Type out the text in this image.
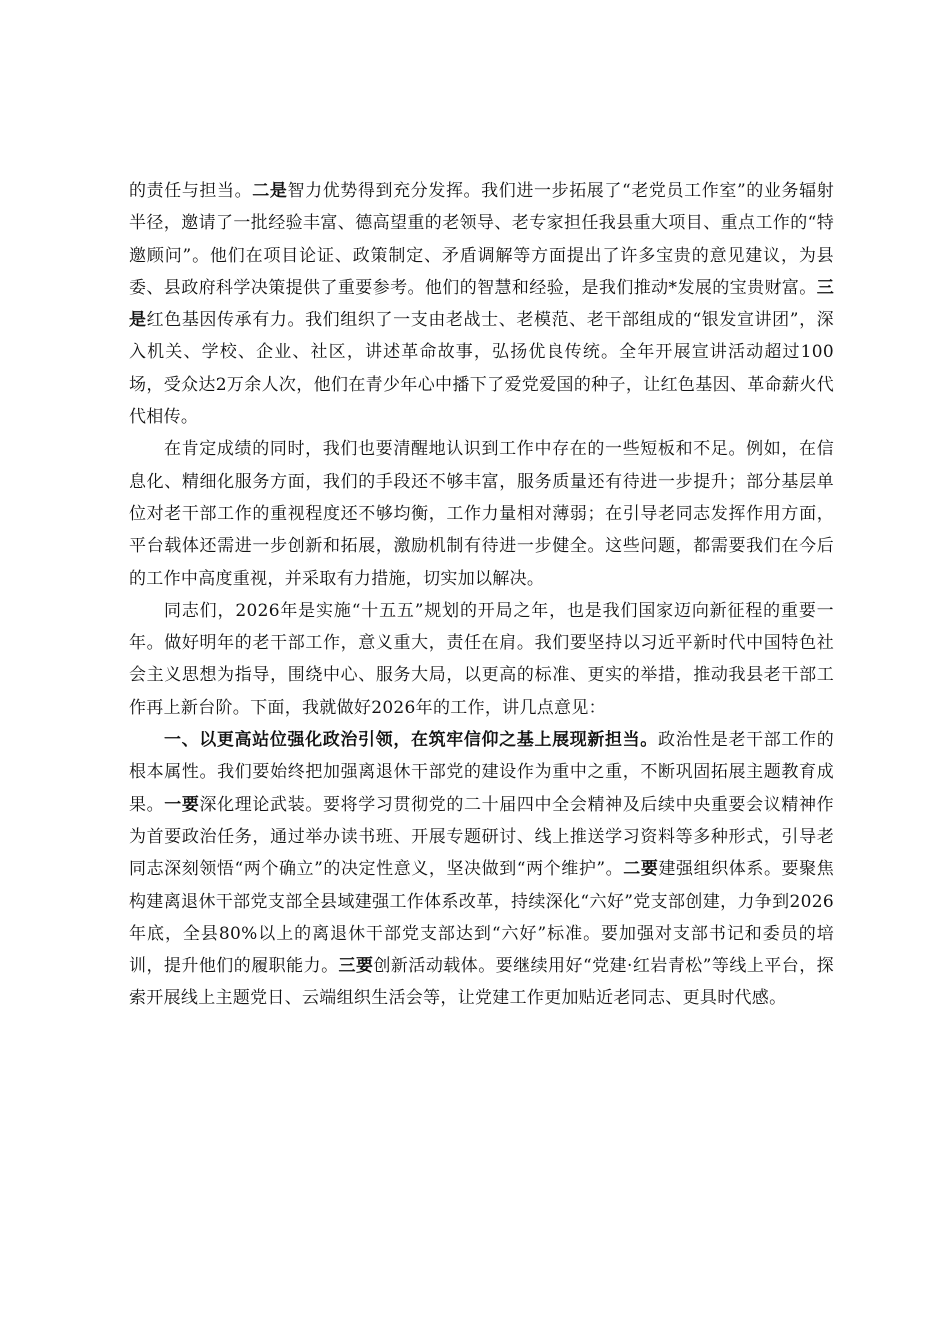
的责任与担当。二是智力优势得到充分发挥。我们进一步拓展了“老党员工作室”的业务辐射半径，邀请了一批经验丰富、德高望重的老领导、老专家担任我县重大项目、重点工作的“特邀顾问”。他们在项目论证、政策制定、矛盾调解等方面提出了许多宝贵的意见建议，为县委、县政府科学决策提供了重要参考。他们的智慧和经验，是我们推动*发展的宝贵财富。三是红色基因传承有力。我们组织了一支由老战士、老模范、老干部组成的“银发宣讲团”，深入机关、学校、企业、社区，讲述革命故事，弘扬优良传统。全年开展宣讲活动超过100场，受众达2万余人次，他们在青少年心中播下了爱党爱国的种子，让红色基因、革命薪火代代相传。

在肯定成绩的同时，我们也要清醒地认识到工作中存在的一些短板和不足。例如，在信息化、精细化服务方面，我们的手段还不够丰富，服务质量还有待进一步提升；部分基层单位对老干部工作的重视程度还不够均衡，工作力量相对薄弱；在引导老同志发挥作用方面，平台载体还需进一步创新和拓展，激励机制有待进一步健全。这些问题，都需要我们在今后的工作中高度重视，并采取有力措施，切实加以解决。

同志们，2026年是实施“十五五”规划的开局之年，也是我们国家迈向新征程的重要一年。做好明年的老干部工作，意义重大，责任在肩。我们要坚持以习近平新时代中国特色社会主义思想为指导，围绕中心、服务大局，以更高的标准、更实的举措，推动我县老干部工作再上新台阶。下面，我就做好2026年的工作，讲几点意见：

一、以更高站位强化政治引领，在筑牢信仰之基上展现新担当。政治性是老干部工作的根本属性。我们要始终把加强离退休干部党的建设作为重中之重，不断巩固拓展主题教育成果。一要深化理论武装。要将学习贯彻党的二十届四中全会精神及后续中央重要会议精神作为首要政治任务，通过举办读书班、开展专题研讨、线上推送学习资料等多种形式，引导老同志深刻领悟“两个确立”的决定性意义，坚决做到“两个维护”。二要建强组织体系。要聚焦构建离退休干部党支部全县域建强工作体系改革，持续深化“六好”党支部创建，力争到2026年底，全县80%以上的离退休干部党支部达到“六好”标准。要加强对支部书记和委员的培训，提升他们的履职能力。三要创新活动载体。要继续用好“党建·红岩青松”等线上平台，探索开展线上主题党日、云端组织生活会等，让党建工作更加贴近老同志、更具时代感。
